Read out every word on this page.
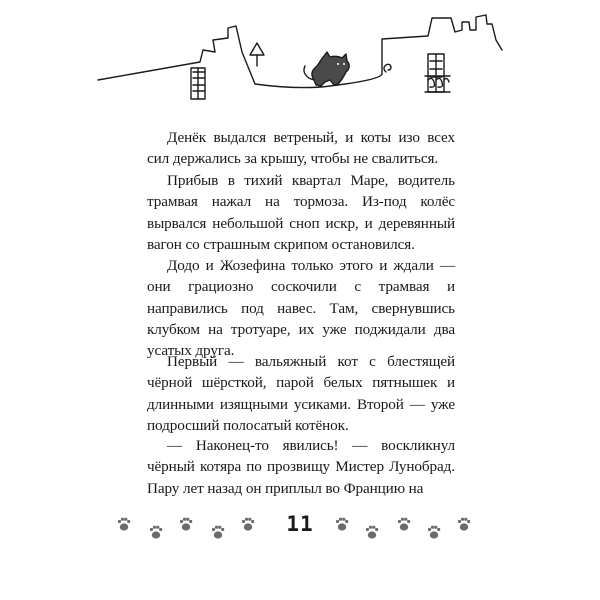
Денёк выдался ветреный, и коты изо всех сил держались за крышу, чтобы не свалиться.

Прибыв в тихий квартал Маре, водитель трамвая нажал на тормоза. Из-под колёс вырвался небольшой сноп искр, и деревянный вагон со страшным скрипом остановился.

Додо и Жозефина только этого и ждали — они грациозно соскочили с трамвая и направились под навес. Там, свернувшись клубком на тротуаре, их уже поджидали два усатых друга.

Первый — вальяжный кот с блестящей чёрной шёрсткой, парой белых пятнышек и длинными изящными усиками. Второй — уже подросший полосатый котёнок.

— Наконец-то явились! — воскликнул чёрный котяра по прозвищу Мистер Лунобрад. Пару лет назад он приплыл во Францию на

11
